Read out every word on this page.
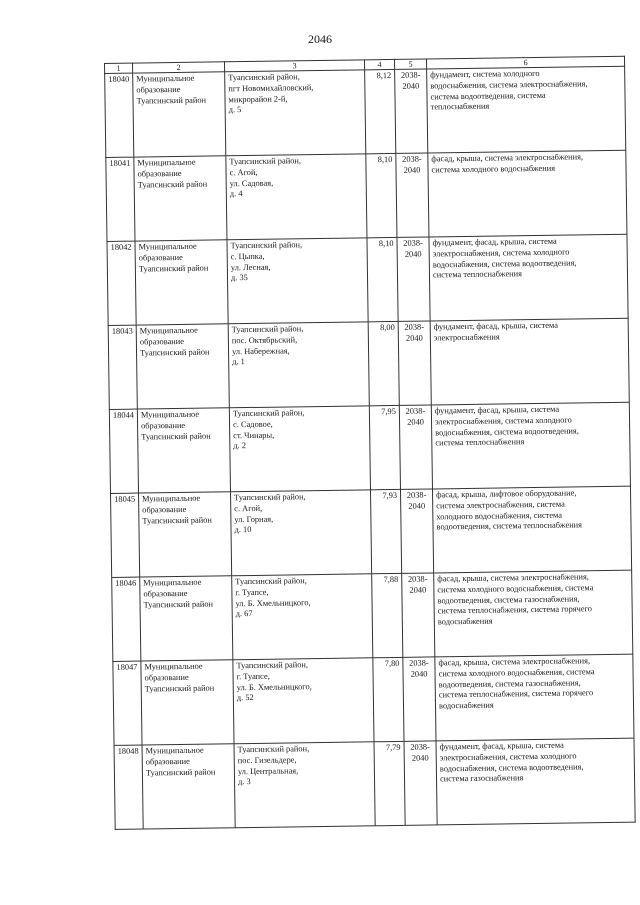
2046
1	2	3	4	5	6
18040	Муниципальное
образование
Туапсинский район	Туапсинский район,
пгт Новомихайловский,
микрорайон 2-й,
д. 5	8,12	2038-
2040	фундамент, система холодного
водоснабжения, система электроснабжения,
система водоотведения, система
теплоснабжения

18041	Муниципальное
образование
Туапсинский район	Туапсинский район,
с. Агой,
ул. Садовая,
д. 4	8,10	2038-
2040	фасад, крыша, система электроснабжения,
система холодного водоснабжения

18042	Муниципальное
образование
Туапсинский район	Туапсинский район,
с. Цыпка,
ул. Лесная,
д. 35	8,10	2038-
2040	фундамент, фасад, крыша, система
электроснабжения, система холодного
водоснабжения, система водоотведения,
система теплоснабжения

18043	Муниципальное
образование
Туапсинский район	Туапсинский район,
пос. Октябрьский,
ул. Набережная,
д. 1	8,00	2038-
2040	фундамент, фасад, крыша, система
электроснабжения

18044	Муниципальное
образование
Туапсинский район	Туапсинский район,
с. Садовое,
ст. Чинары,
д. 2	7,95	2038-
2040	фундамент, фасад, крыша, система
электроснабжения, система холодного
водоснабжения, система водоотведения,
система теплоснабжения

18045	Муниципальное
образование
Туапсинский район	Туапсинский район,
с. Агой,
ул. Горная,
д. 10	7,93	2038-
2040	фасад, крыша, лифтовое оборудование,
система электроснабжения, система
холодного водоснабжения, система
водоотведения, система теплоснабжения

18046	Муниципальное
образование
Туапсинский район	Туапсинский район,
г. Туапсе,
ул. Б. Хмельницкого,
д. 67	7,88	2038-
2040	фасад, крыша, система электроснабжения,
система холодного водоснабжения, система
водоотведения, система газоснабжения,
система теплоснабжения, система горячего
водоснабжения

18047	Муниципальное
образование
Туапсинский район	Туапсинский район,
г. Туапсе,
ул. Б. Хмельницкого,
д. 52	7,80	2038-
2040	фасад, крыша, система электроснабжения,
система холодного водоснабжения, система
водоотведения, система газоснабжения,
система теплоснабжения, система горячего
водоснабжения

18048	Муниципальное
образование
Туапсинский район	Туапсинский район,
пос. Гизельдере,
ул. Центральная,
д. 3	7,79	2038-
2040	фундамент, фасад, крыша, система
электроснабжения, система холодного
водоснабжения, система водоотведения,
система газоснабжения
